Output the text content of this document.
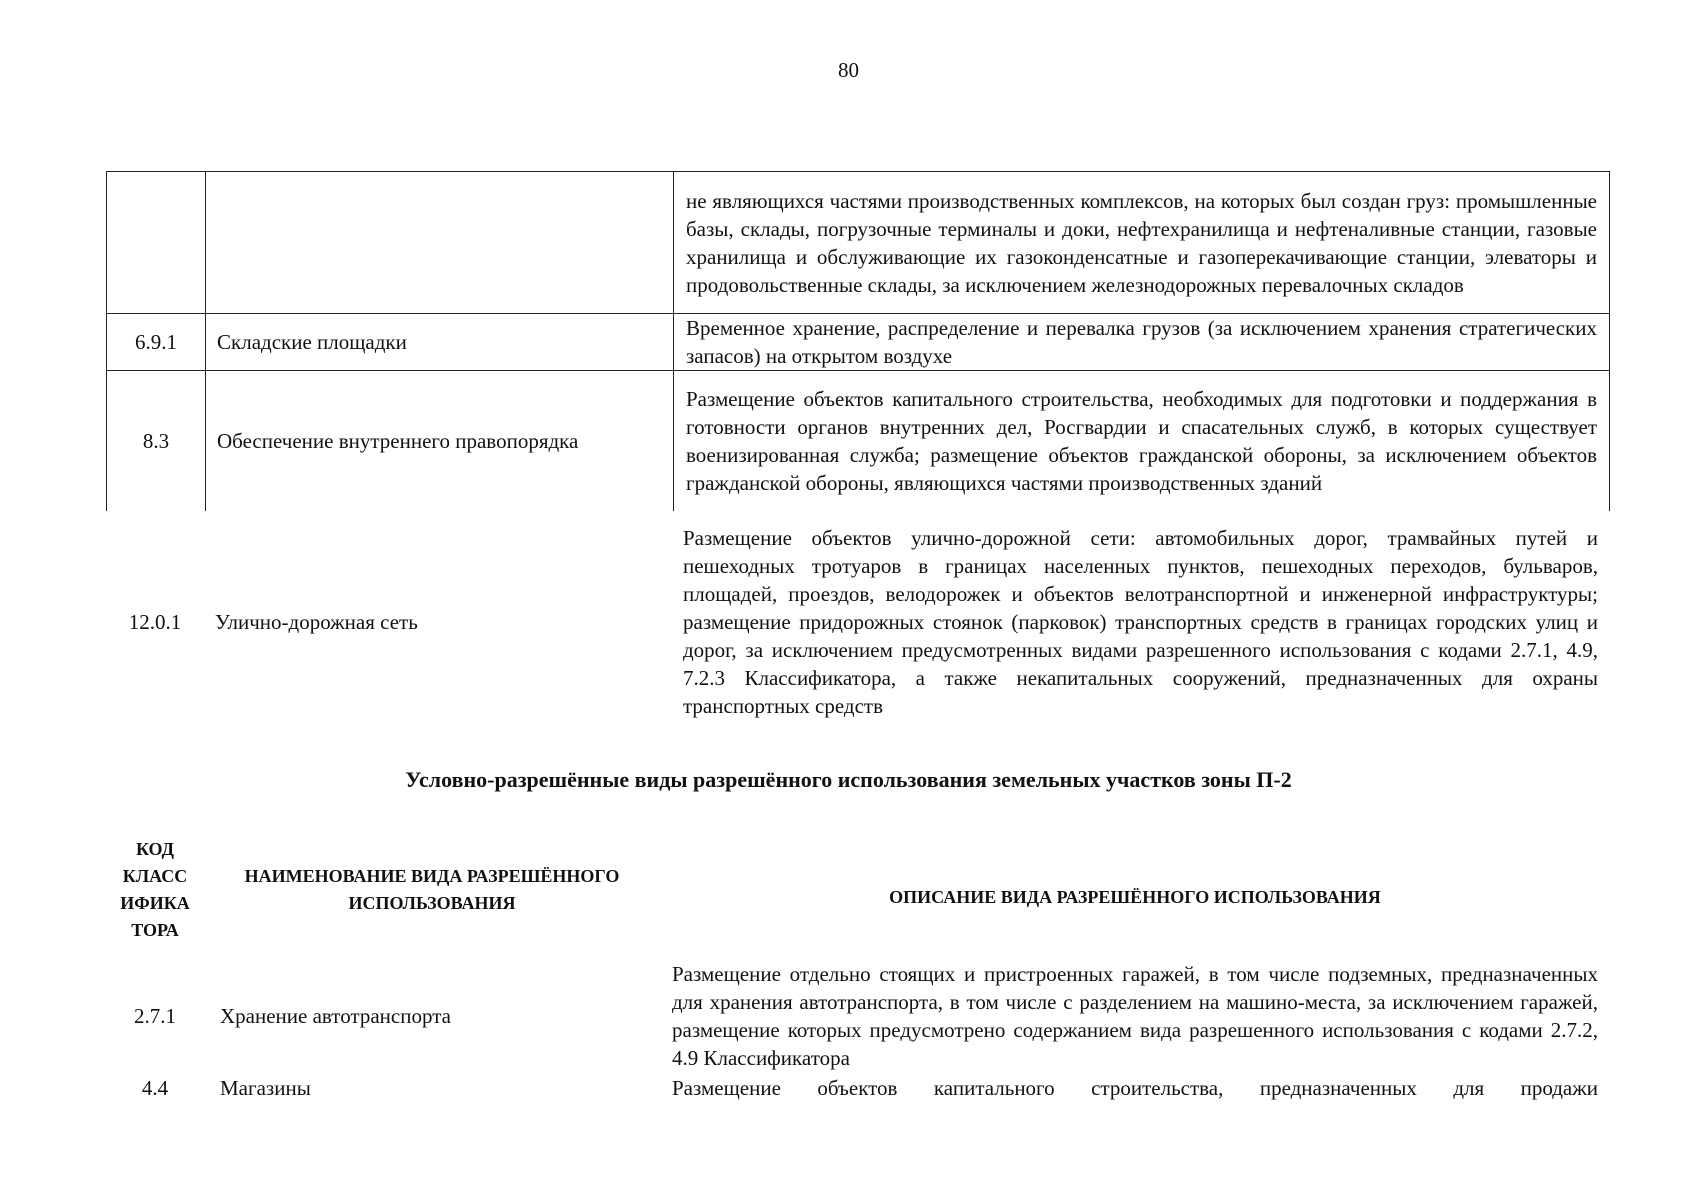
80
		не являющихся частями производственных комплексов, на которых был создан груз: промышленные базы, склады, погрузочные терминалы и доки, нефтехранилища и нефтеналивные станции, газовые хранилища и обслуживающие их газоконденсатные и газоперекачивающие станции, элеваторы и продовольственные склады, за исключением железнодорожных перевалочных складов
6.9.1	Складские площадки	Временное хранение, распределение и перевалка грузов (за исключением хранения стратегических запасов) на открытом воздухе
8.3	Обеспечение внутреннего правопорядка	Размещение объектов капитального строительства, необходимых для подготовки и поддержания в готовности органов внутренних дел, Росгвардии и спасательных служб, в которых существует военизированная служба; размещение объектов гражданской обороны, за исключением объектов гражданской обороны, являющихся частями производственных зданий
12.0.1	Улично-дорожная сеть	Размещение объектов улично-дорожной сети: автомобильных дорог, трамвайных путей и пешеходных тротуаров в границах населенных пунктов, пешеходных переходов, бульваров, площадей, проездов, велодорожек и объектов велотранспортной и инженерной инфраструктуры; размещение придорожных стоянок (парковок) транспортных средств в границах городских улиц и дорог, за исключением предусмотренных видами разрешенного использования с кодами 2.7.1, 4.9, 7.2.3 Классификатора, а также некапитальных сооружений, предназначенных для охраны транспортных средств
Условно-разрешённые виды разрешённого использования земельных участков зоны П-2
КОД КЛАСС ИФИКА ТОРА	НАИМЕНОВАНИЕ ВИДА РАЗРЕШЁННОГО ИСПОЛЬЗОВАНИЯ	ОПИСАНИЕ ВИДА РАЗРЕШЁННОГО ИСПОЛЬЗОВАНИЯ
2.7.1	Хранение автотранспорта	Размещение отдельно стоящих и пристроенных гаражей, в том числе подземных, предназначенных для хранения автотранспорта, в том числе с разделением на машино-места, за исключением гаражей, размещение которых предусмотрено содержанием вида разрешенного использования с кодами 2.7.2, 4.9 Классификатора
4.4	Магазины	Размещение объектов капитального строительства, предназначенных для продажи
